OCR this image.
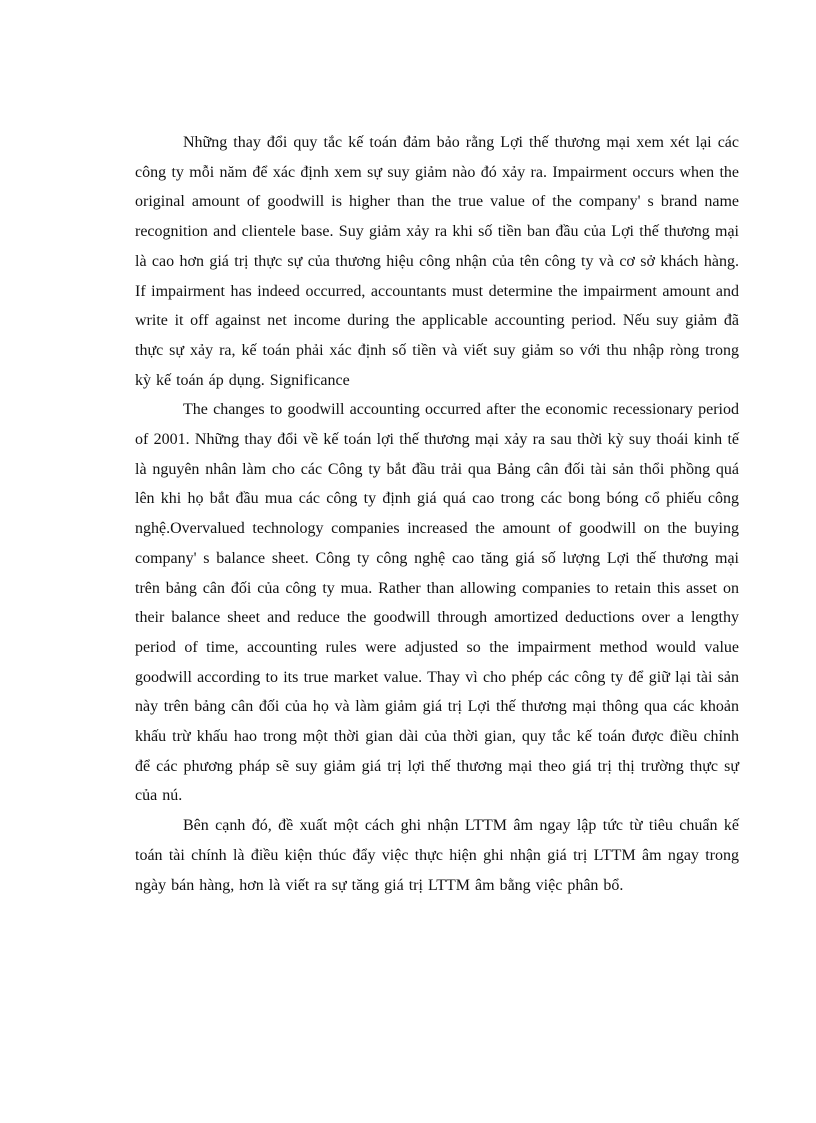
Những thay đổi quy tắc kế toán đảm bảo rằng Lợi thế thương mại xem xét lại các công ty mỗi năm để xác định xem sự suy giảm nào đó xảy ra. Impairment occurs when the original amount of goodwill is higher than the true value of the company' s brand name recognition and clientele base. Suy giảm xảy ra khi số tiền ban đầu của Lợi thế thương mại là cao hơn giá trị thực sự của thương hiệu công nhận của tên công ty và cơ sở khách hàng. If impairment has indeed occurred, accountants must determine the impairment amount and write it off against net income during the applicable accounting period. Nếu suy giảm đã thực sự xảy ra, kế toán phải xác định số tiền và viết suy giảm so với thu nhập ròng trong kỳ kế toán áp dụng. Significance

The changes to goodwill accounting occurred after the economic recessionary period of 2001. Những thay đổi về kế toán lợi thế thương mại xảy ra sau thời kỳ suy thoái kinh tế là nguyên nhân làm cho các Công ty bắt đầu trải qua Bảng cân đối tài sản thổi phồng quá lên khi họ bắt đầu mua các công ty định giá quá cao trong các bong bóng cổ phiếu công nghệ.Overvalued technology companies increased the amount of goodwill on the buying company' s balance sheet. Công ty công nghệ cao tăng giá số lượng Lợi thế thương mại trên bảng cân đối của công ty mua. Rather than allowing companies to retain this asset on their balance sheet and reduce the goodwill through amortized deductions over a lengthy period of time, accounting rules were adjusted so the impairment method would value goodwill according to its true market value. Thay vì cho phép các công ty để giữ lại tài sản này trên bảng cân đối của họ và làm giảm giá trị Lợi thế thương mại thông qua các khoản khấu trừ khấu hao trong một thời gian dài của thời gian, quy tắc kế toán được điều chỉnh để các phương pháp sẽ suy giảm giá trị lợi thế thương mại theo giá trị thị trường thực sự của nú.

Bên cạnh đó, đề xuất một cách ghi nhận LTTM âm ngay lập tức từ tiêu chuẩn kế toán tài chính là điều kiện thúc đẩy việc thực hiện ghi nhận giá trị LTTM âm ngay trong ngày bán hàng, hơn là viết ra sự tăng giá trị LTTM âm bằng việc phân bổ.
